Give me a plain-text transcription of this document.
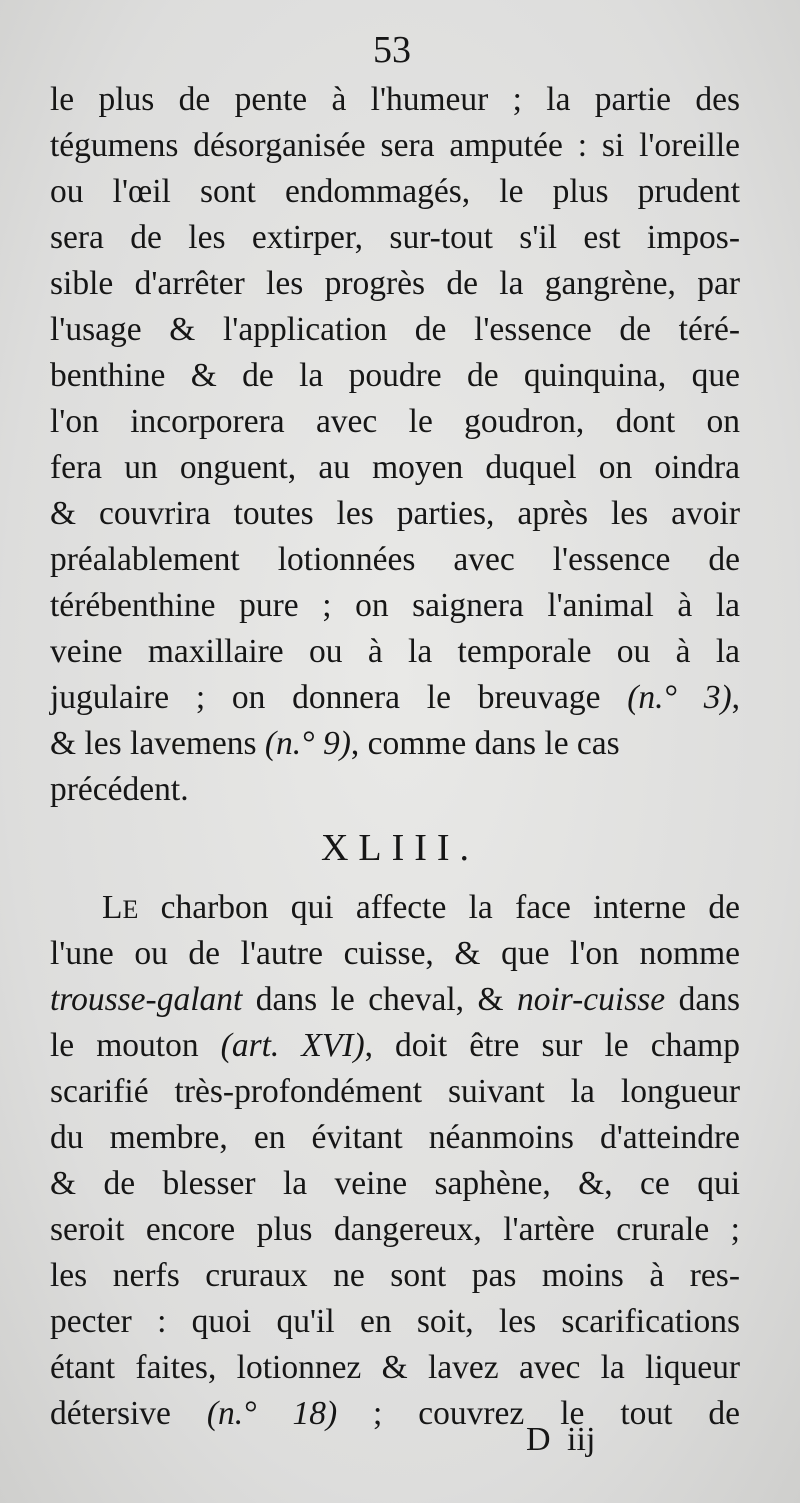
53
le plus de pente à l'humeur ; la partie des
tégumens désorganisée sera amputée : si l'oreille
ou l'œil sont endommagés, le plus prudent
sera de les extirper, sur-tout s'il est impos-
sible d'arrêter les progrès de la gangrène, par
l'usage & l'application de l'essence de téré-
benthine & de la poudre de quinquina, que
l'on incorporera avec le goudron, dont on
fera un onguent, au moyen duquel on oindra
& couvrira toutes les parties, après les avoir
préalablement lotionnées avec l'essence de
térébenthine pure ; on saignera l'animal à la
veine maxillaire ou à la temporale ou à la
jugulaire ; on donnera le breuvage (n.° 3),
& les lavemens (n.° 9), comme dans le cas
précédent.
XLIII.
LE charbon qui affecte la face interne de
l'une ou de l'autre cuisse, & que l'on nomme
trousse-galant dans le cheval, & noir-cuisse dans
le mouton (art. XVI), doit être sur le champ
scarifié très-profondément suivant la longueur
du membre, en évitant néanmoins d'atteindre
& de blesser la veine saphène, &, ce qui
seroit encore plus dangereux, l'artère crurale ;
les nerfs cruraux ne sont pas moins à res-
pecter : quoi qu'il en soit, les scarifications
étant faites, lotionnez & lavez avec la liqueur
détersive (n.° 18) ; couvrez le tout de
D iij
